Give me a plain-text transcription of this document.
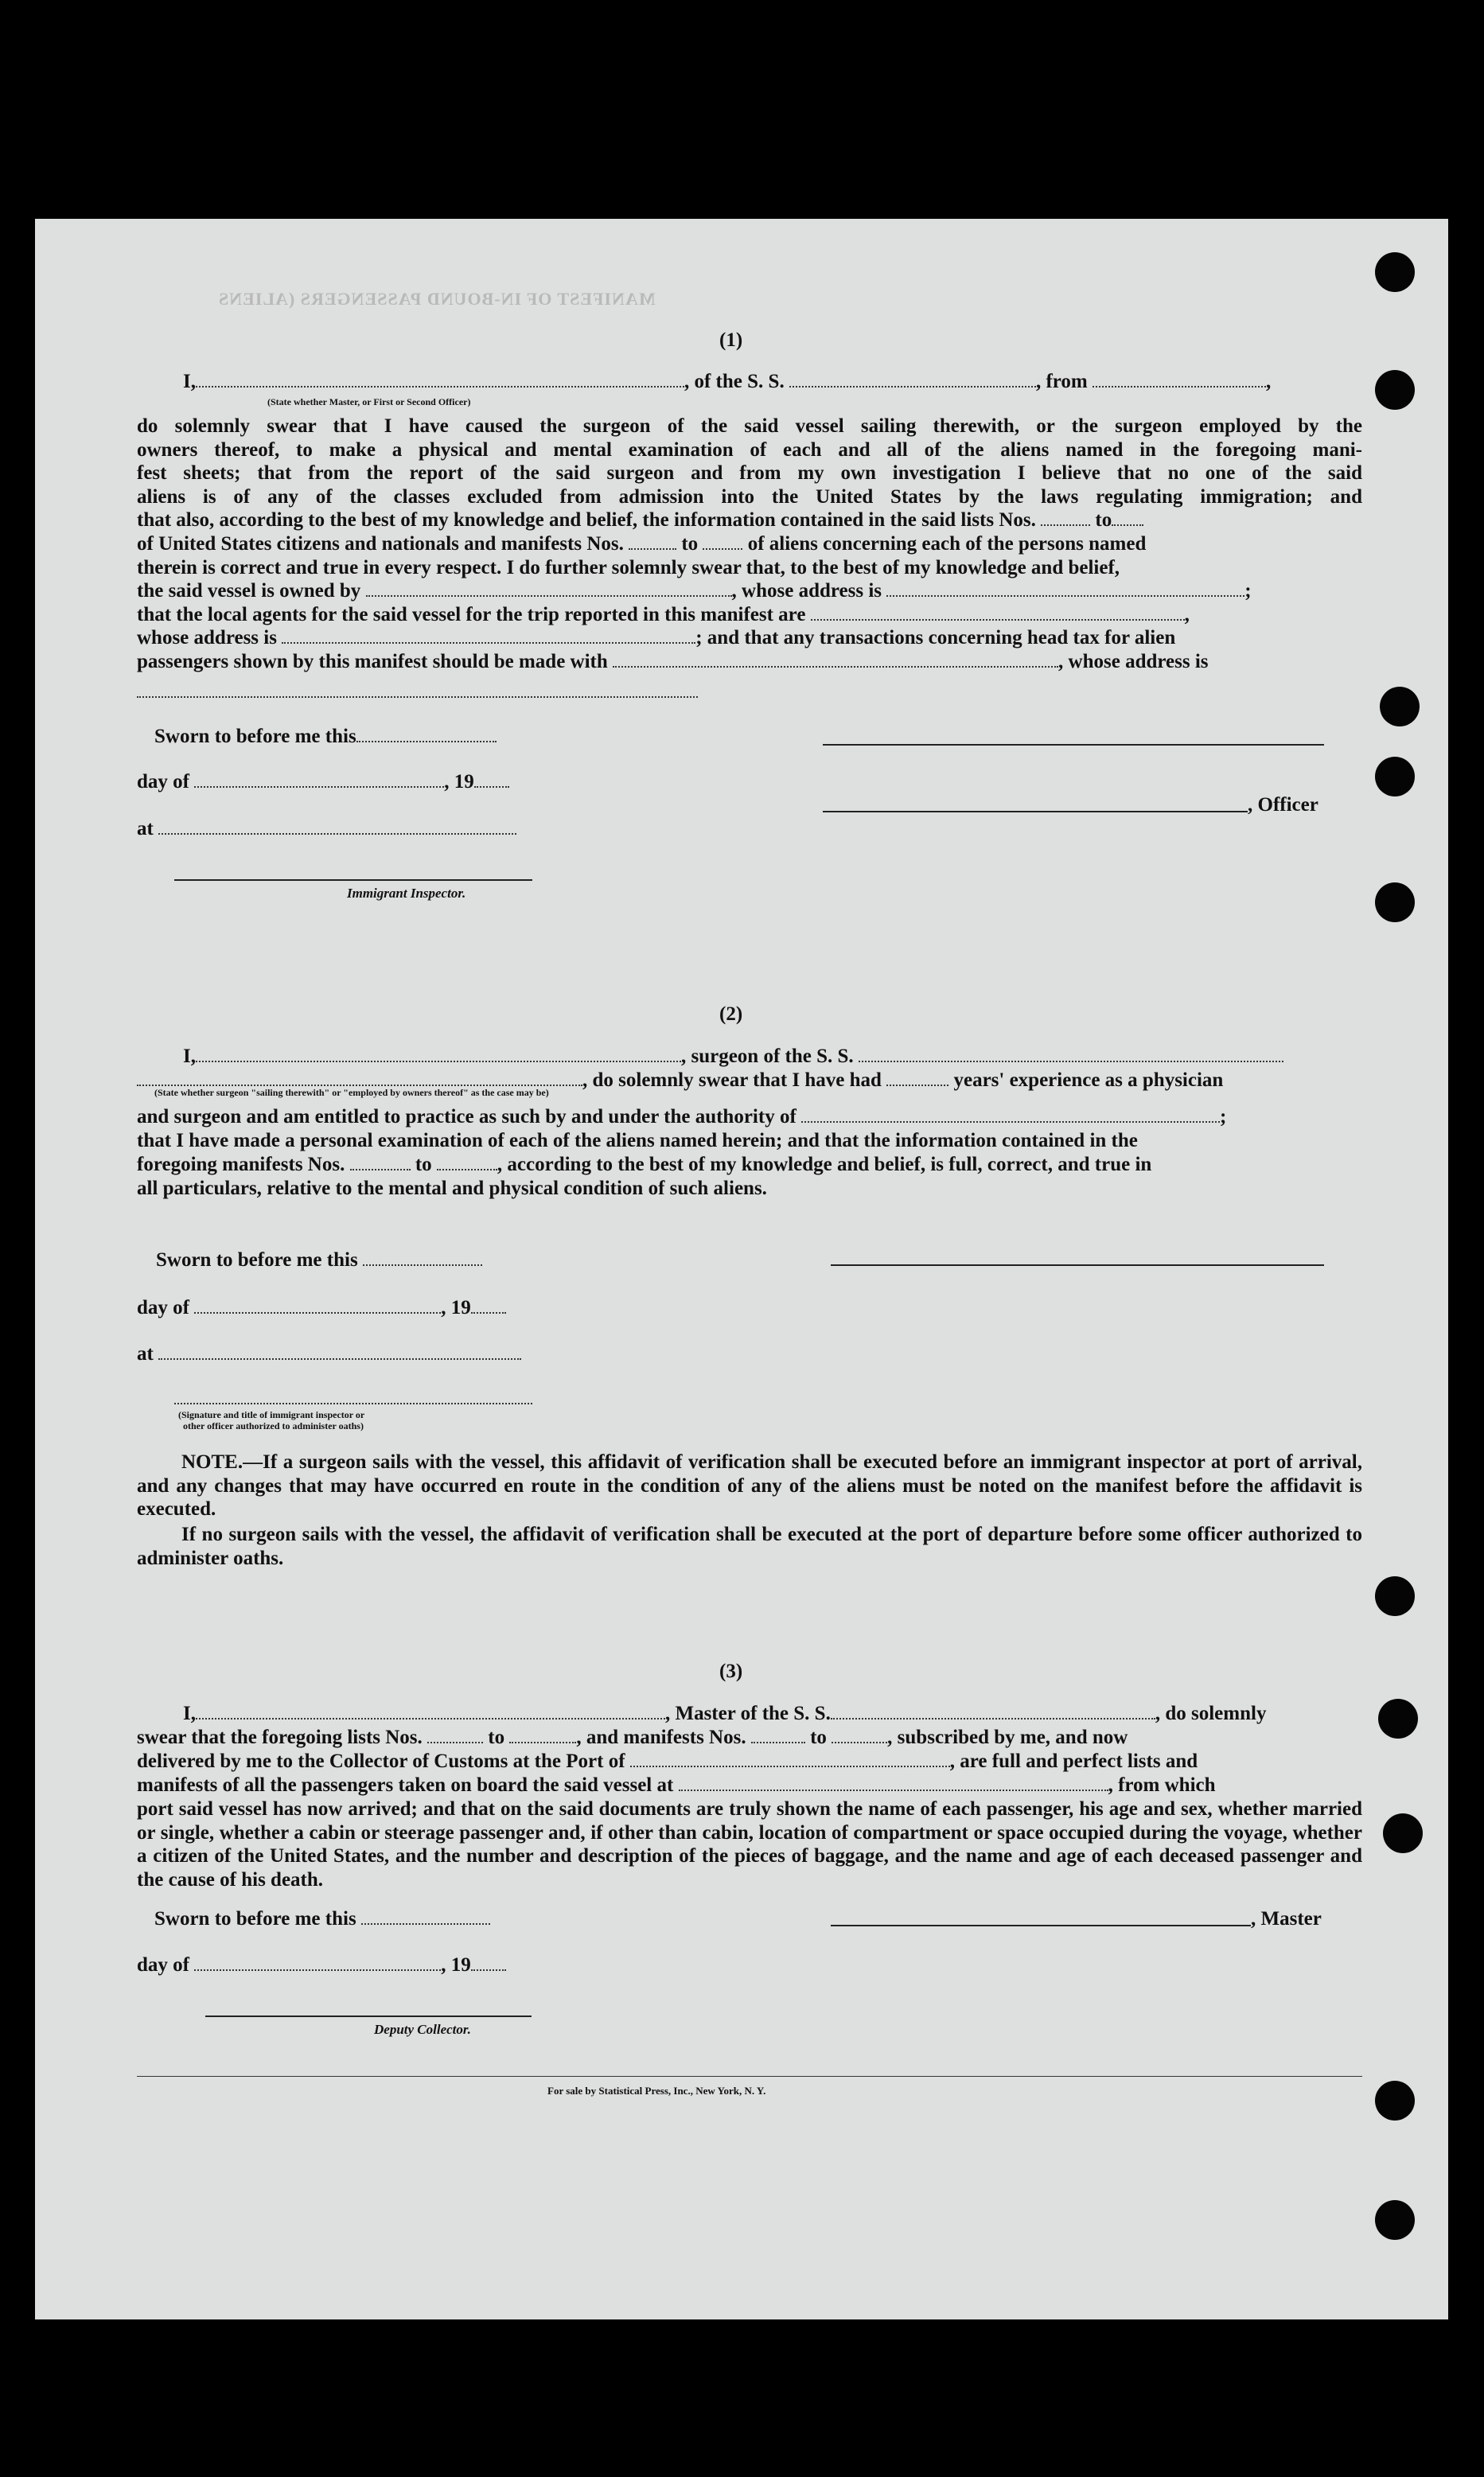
MANIFEST OF IN-BOUND PASSENGERS (ALIENS
(1)
I,	, of the S. S.	, from	,
(State whether Master, or First or Second Officer)

do solemnly swear that I have caused the surgeon of the said vessel sailing therewith, or the surgeon employed by the

owners thereof, to make a physical and mental examination of each and all of the aliens named in the foregoing mani-

fest sheets; that from the report of the said surgeon and from my own investigation I believe that no one of the said

aliens is of any of the classes excluded from admission into the United States by the laws regulating immigration; and

that also, according to the best of my knowledge and belief, the information contained in the said lists Nos.	to
of United States citizens and nationals and manifests Nos.	to	of aliens concerning each of the persons named
therein is correct and true in every respect. I do further solemnly swear that, to the best of my knowledge and belief,
the said vessel is owned by	, whose address is	;
that the local agents for the said vessel for the trip reported in this manifest are	,
whose address is	; and that any transactions concerning head tax for alien
passengers shown by this manifest should be made with	, whose address is
Sworn to before me this
day of	, 19
at
Immigrant Inspector.
, Officer
(2)
I,	, surgeon of the S. S.
, do solemnly swear that I have had	years' experience as a physician
(State whether surgeon "sailing therewith" or "employed by owners thereof" as the case may be)
and surgeon and am entitled to practice as such by and under the authority of	;
that I have made a personal examination of each of the aliens named herein; and that the information contained in the
foregoing manifests Nos.	to	, according to the best of my knowledge and belief, is full, correct, and true in
all particulars, relative to the mental and physical condition of such aliens.
Sworn to before me this
day of	, 19
at
(Signature and title of immigrant inspector or
other officer authorized to administer oaths)
NOTE.—If a surgeon sails with the vessel, this affidavit of verification shall be executed before an immigrant inspector at port of arrival, and any changes that may have occurred en route in the condition of any of the aliens must be noted on the manifest before the affidavit is executed.
If no surgeon sails with the vessel, the affidavit of verification shall be executed at the port of departure before some officer authorized to administer oaths.
(3)
I,	, Master of the S. S.	, do solemnly
swear that the foregoing lists Nos.	to	, and manifests Nos.	to	, subscribed by me, and now
delivered by me to the Collector of Customs at the Port of	, are full and perfect lists and
manifests of all the passengers taken on board the said vessel at	, from which
port said vessel has now arrived; and that on the said documents are truly shown the name of each passenger, his age and sex, whether married or single, whether a cabin or steerage passenger and, if other than cabin, location of compartment or space occupied during the voyage, whether a citizen of the United States, and the number and description of the pieces of baggage, and the name and age of each deceased passenger and the cause of his death.
Sworn to before me this	, Master
day of	, 19
Deputy Collector.
For sale by Statistical Press, Inc., New York, N. Y.
